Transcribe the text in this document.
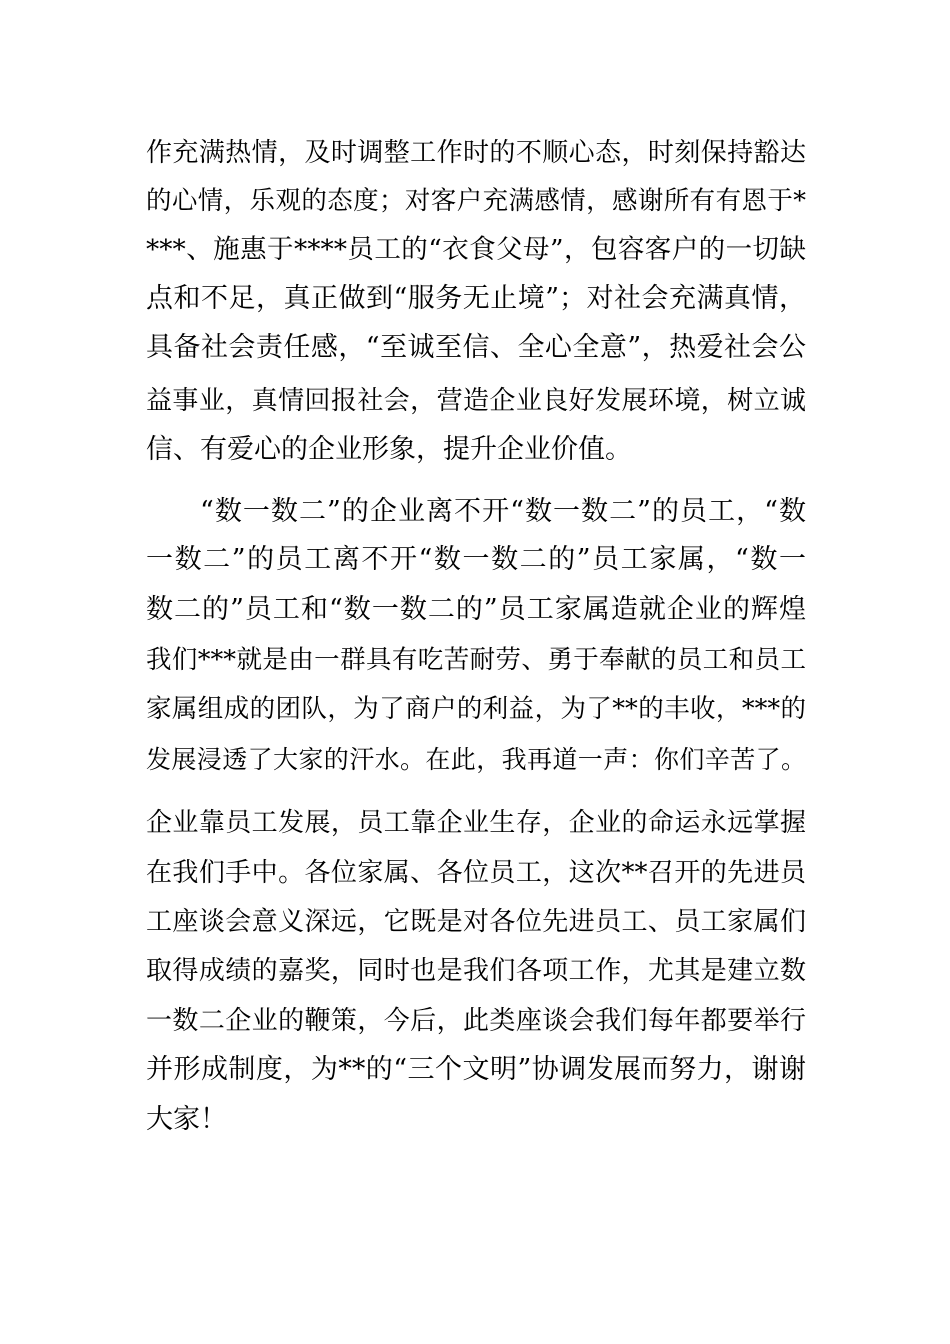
作充满热情，及时调整工作时的不顺心态，时刻保持豁达
的心情，乐观的态度；对客户充满感情，感谢所有有恩于*
***、施惠于****员工的“衣食父母”，包容客户的一切缺
点和不足，真正做到“服务无止境”；对社会充满真情，
具备社会责任感，“至诚至信、全心全意”，热爱社会公
益事业，真情回报社会，营造企业良好发展环境，树立诚
信、有爱心的企业形象，提升企业价值。
“数一数二”的企业离不开“数一数二”的员工，“数
一数二”的员工离不开“数一数二的”员工家属，“数一
数二的”员工和“数一数二的”员工家属造就企业的辉煌
我们***就是由一群具有吃苦耐劳、勇于奉献的员工和员工
家属组成的团队，为了商户的利益，为了**的丰收，***的
发展浸透了大家的汗水。在此，我再道一声：你们辛苦了。
企业靠员工发展，员工靠企业生存，企业的命运永远掌握
在我们手中。各位家属、各位员工，这次**召开的先进员
工座谈会意义深远，它既是对各位先进员工、员工家属们
取得成绩的嘉奖，同时也是我们各项工作，尤其是建立数
一数二企业的鞭策，今后，此类座谈会我们每年都要举行
并形成制度，为**的“三个文明”协调发展而努力，谢谢
大家！
